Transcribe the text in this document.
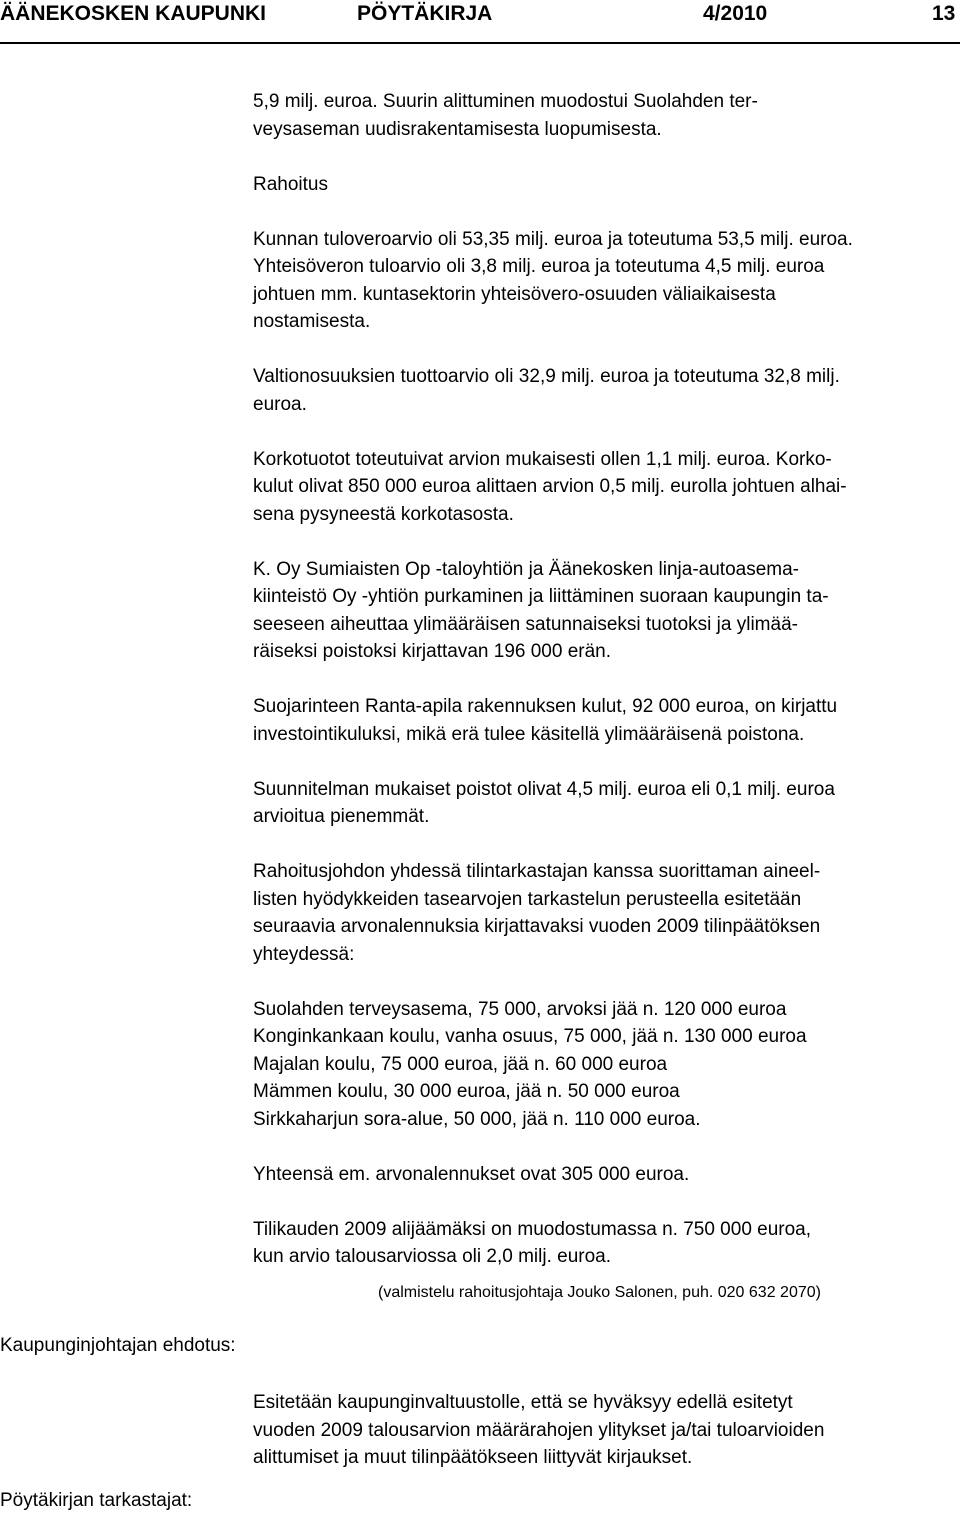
ÄÄNEKOSKEN KAUPUNKI	PÖYTÄKIRJA	4/2010	13

5,9 milj. euroa. Suurin alittuminen muodostui Suolahden ter-
veysaseman uudisrakentamisesta luopumisesta.

Rahoitus

Kunnan tuloveroarvio oli 53,35 milj. euroa ja toteutuma 53,5 milj. euroa.
Yhteisöveron tuloarvio oli 3,8 milj. euroa ja toteutuma 4,5 milj. euroa
johtuen mm. kuntasektorin yhteisövero-osuuden väliaikaisesta
nostamisesta.

Valtionosuuksien tuottoarvio oli 32,9 milj. euroa ja toteutuma 32,8 milj.
euroa.

Korkotuotot toteutuivat arvion mukaisesti ollen 1,1 milj. euroa. Korko-
kulut olivat 850 000 euroa alittaen arvion 0,5 milj. eurolla johtuen alhai-
sena pysyneestä korkotasosta.

K. Oy Sumiaisten Op -taloyhtiön ja Äänekosken linja-autoasema-
kiinteistö Oy -yhtiön purkaminen ja liittäminen suoraan kaupungin ta-
seeseen aiheuttaa ylimääräisen satunnaiseksi tuotoksi ja ylimää-
räiseksi poistoksi kirjattavan 196 000 erän.

Suojarinteen Ranta-apila rakennuksen kulut, 92 000 euroa, on kirjattu
investointikuluksi, mikä erä tulee käsitellä ylimääräisenä poistona.

Suunnitelman mukaiset poistot olivat 4,5 milj. euroa eli 0,1 milj. euroa
arvioitua pienemmät.

Rahoitusjohdon yhdessä tilintarkastajan kanssa suorittaman aineel-
listen hyödykkeiden tasearvojen tarkastelun perusteella esitetään
seuraavia arvonalennuksia kirjattavaksi vuoden 2009 tilinpäätöksen
yhteydessä:

Suolahden terveysasema, 75 000, arvoksi jää n. 120 000 euroa

Konginkankaan koulu, vanha osuus, 75 000, jää n. 130 000 euroa

Majalan koulu, 75 000 euroa, jää n. 60 000 euroa

Mämmen koulu, 30 000 euroa, jää n. 50 000 euroa

Sirkkaharjun sora-alue, 50 000, jää n. 110 000 euroa.

Yhteensä em. arvonalennukset ovat 305 000 euroa.

Tilikauden 2009 alijäämäksi on muodostumassa n. 750 000 euroa,
kun arvio talousarviossa oli 2,0 milj. euroa.

(valmistelu rahoitusjohtaja Jouko Salonen, puh. 020 632 2070)
Kaupunginjohtajan ehdotus:

Esitetään kaupunginvaltuustolle, että se hyväksyy edellä esitetyt
vuoden 2009 talousarvion määrärahojen ylitykset ja/tai tuloarvioiden
alittumiset ja muut tilinpäätökseen liittyvät kirjaukset.

Pöytäkirjan tarkastajat:
